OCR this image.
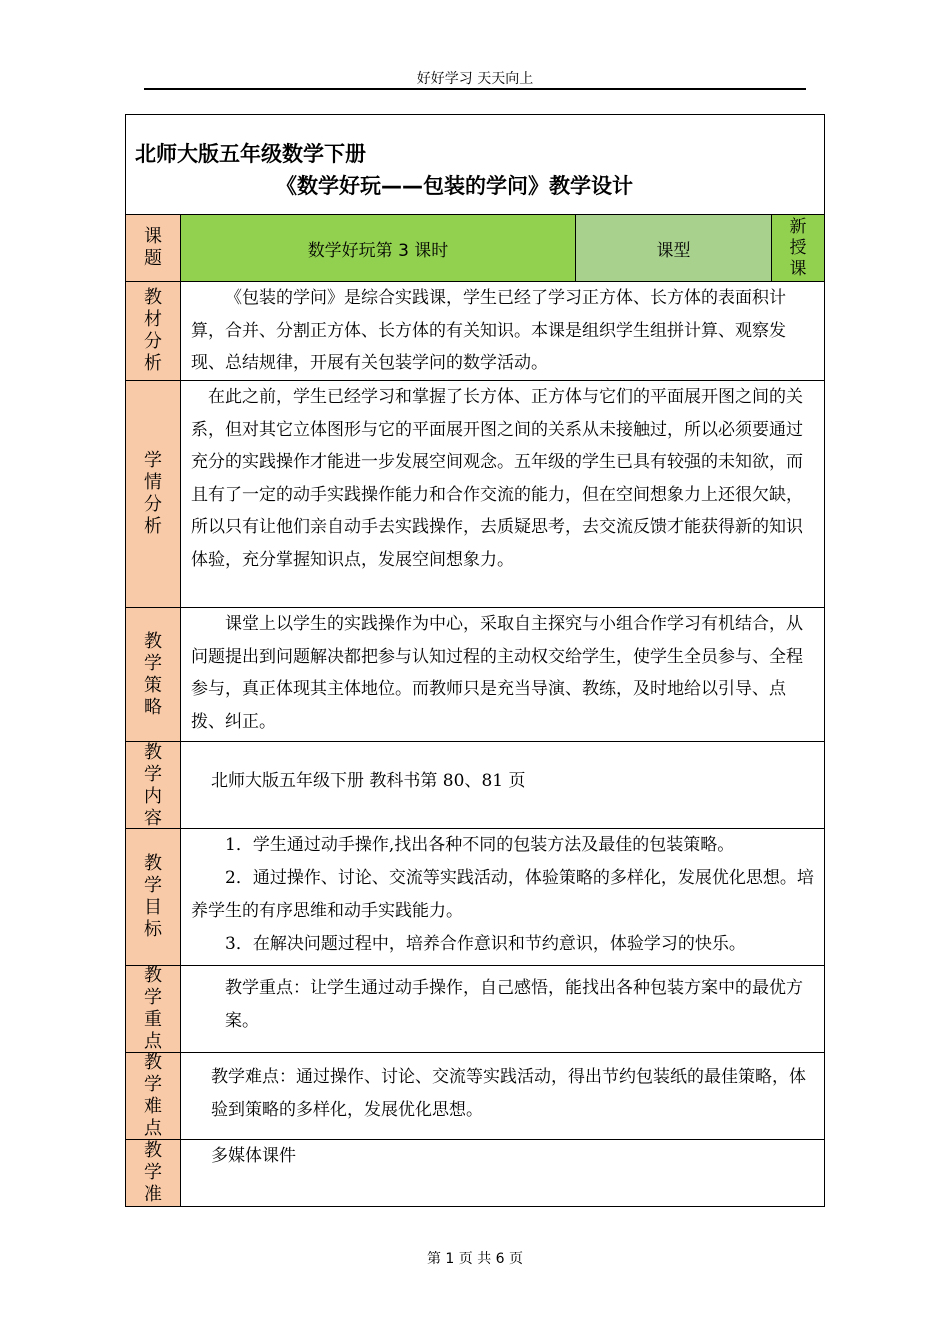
好好学习 天天向上
北师大版五年级数学下册
《数学好玩——包装的学问》教学设计
课
题	数学好玩第 3 课时	课型
新
授
课
教
材
分
析

《包装的学问》是综合实践课，学生已经了学习正方体、长方体的表面积计算，合并、分割正方体、长方体的有关知识。本课是组织学生组拼计算、观察发现、总结规律，开展有关包装学问的数学活动。

学
情
分
析

在此之前，学生已经学习和掌握了长方体、正方体与它们的平面展开图之间的关系，但对其它立体图形与它的平面展开图之间的关系从未接触过，所以必须要通过充分的实践操作才能进一步发展空间观念。五年级的学生已具有较强的未知欲，而且有了一定的动手实践操作能力和合作交流的能力，但在空间想象力上还很欠缺，所以只有让他们亲自动手去实践操作，去质疑思考，去交流反馈才能获得新的知识体验，充分掌握知识点，发展空间想象力。

教
学
策
略

课堂上以学生的实践操作为中心，采取自主探究与小组合作学习有机结合，从问题提出到问题解决都把参与认知过程的主动权交给学生，使学生全员参与、全程参与，真正体现其主体地位。而教师只是充当导演、教练，及时地给以引导、点拨、纠正。

教
学
内
容

北师大版五年级下册 教科书第 80、81 页

教
学
目
标

1．学生通过动手操作,找出各种不同的包装方法及最佳的包装策略。

2．通过操作、讨论、交流等实践活动，体验策略的多样化，发展优化思想。培养学生的有序思维和动手实践能力。

3．在解决问题过程中，培养合作意识和节约意识，体验学习的快乐。

教
学
重
点

教学重点：让学生通过动手操作，自己感悟，能找出各种包装方案中的最优方案。

教
学
难
点

教学难点：通过操作、讨论、交流等实践活动，得出节约包装纸的最佳策略，体验到策略的多样化，发展优化思想。

教
学
准

多媒体课件

第 1 页 共 6 页
